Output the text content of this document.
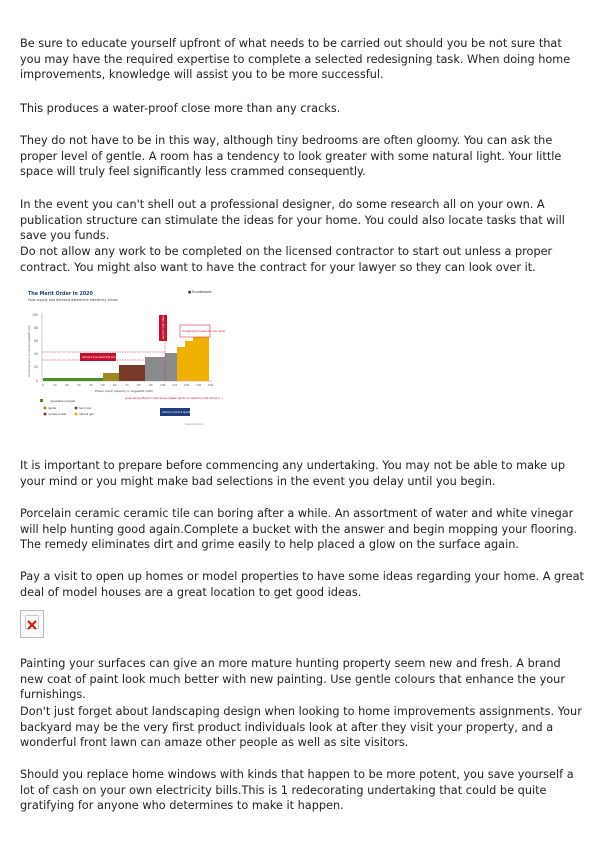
Be sure to educate yourself upfront of what needs to be carried out should you be not sure that you may have the required expertise to complete a selected redesigning task. When doing home improvements, knowledge will assist you to be more successful.

This produces a water-proof close more than any cracks.

They do not have to be in this way, although tiny bedrooms are often gloomy. You can ask the proper level of gentle. A room has a tendency to look greater with some natural light. Your little space will truly feel significantly less crammed consequently.

In the event you can't shell out a professional designer, do some research all on your own. A publication structure can stimulate the ideas for your home. You could also locate tasks that will save you funds.

Do not allow any work to be completed on the licensed contractor to start out unless a proper contract. You might also want to have the contract for your lawyer so they can look over it.

It is important to prepare before commencing any undertaking. You may not be able to make up your mind or you might make bad selections in the event you delay until you begin.

Porcelain ceramic ceramic tile can boring after a while. An assortment of water and white vinegar will help hunting good again.Complete a bucket with the answer and begin mopping your flooring. The remedy eliminates dirt and grime easily to help placed a glow on the surface again.

Pay a visit to open up homes or model properties to have some ideas regarding your home. A great deal of model houses are a great location to get good ideas.

Painting your surfaces can give an more mature hunting property seem new and fresh. A brand new coat of paint look much better with new painting. Use gentle colours that enhance the your furnishings.

Don't just forget about landscaping design when looking to home improvements assignments. Your backyard may be the very first product individuals look at after they visit your property, and a wonderful front lawn can amaze other people as well as site visitors.

Should you replace home windows with kinds that happen to be more potent, you save yourself a lot of cash on your own electricity bills.This is 1 redecorating undertaking that could be quite gratifying for anyone who determines to make it happen.

The Merit Order in 2020
How supply and demand determine electricity prices
■ Bundesamt
100
80
60
40
20
0
electricity price in euros/megawatt hour	demand (low electricity prices)
demand (high electricity prices)	Sunlight plant needed to cover demand
0	10	20	30	40	50	60	70	80	90	100 110 120 130 140
Power plant capacity in Gigawatt (GW)
renewable energies
lignite
nuclear power
hard coal
natural gas
power plants offered to meet demand (...)
power plants not needed to meet demand (...)
demand (not at a specific time)
www.bdwrkt.de
